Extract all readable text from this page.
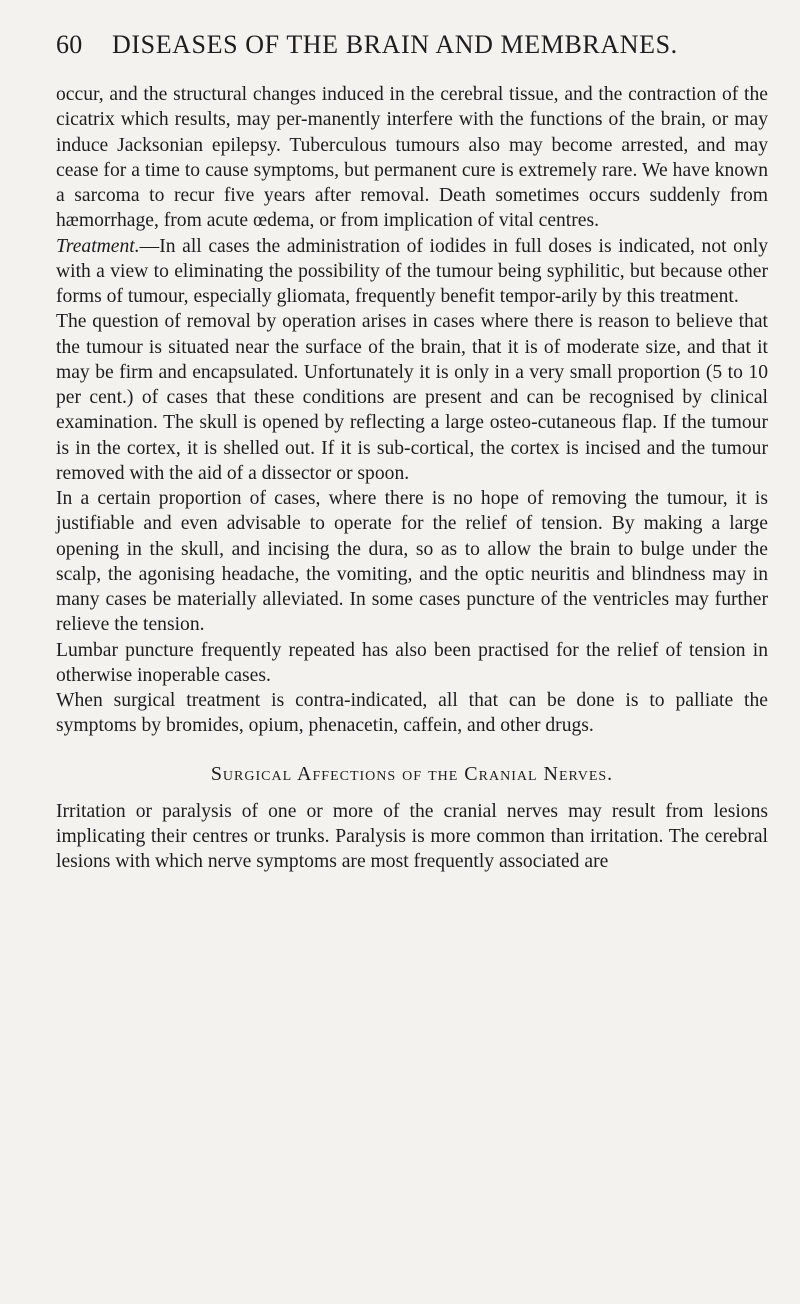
60	DISEASES OF THE BRAIN AND MEMBRANES.

occur, and the structural changes induced in the cerebral tissue, and the contraction of the cicatrix which results, may per-manently interfere with the functions of the brain, or may induce Jacksonian epilepsy. Tuberculous tumours also may become arrested, and may cease for a time to cause symptoms, but permanent cure is extremely rare. We have known a sarcoma to recur five years after removal. Death sometimes occurs suddenly from hæmorrhage, from acute œdema, or from implication of vital centres.

Treatment.—In all cases the administration of iodides in full doses is indicated, not only with a view to eliminating the possibility of the tumour being syphilitic, but because other forms of tumour, especially gliomata, frequently benefit tempor-arily by this treatment.

The question of removal by operation arises in cases where there is reason to believe that the tumour is situated near the surface of the brain, that it is of moderate size, and that it may be firm and encapsulated. Unfortunately it is only in a very small proportion (5 to 10 per cent.) of cases that these conditions are present and can be recognised by clinical examination. The skull is opened by reflecting a large osteo-cutaneous flap. If the tumour is in the cortex, it is shelled out. If it is sub-cortical, the cortex is incised and the tumour removed with the aid of a dissector or spoon.

In a certain proportion of cases, where there is no hope of removing the tumour, it is justifiable and even advisable to operate for the relief of tension. By making a large opening in the skull, and incising the dura, so as to allow the brain to bulge under the scalp, the agonising headache, the vomiting, and the optic neuritis and blindness may in many cases be materially alleviated. In some cases puncture of the ventricles may further relieve the tension.

Lumbar puncture frequently repeated has also been practised for the relief of tension in otherwise inoperable cases.

When surgical treatment is contra-indicated, all that can be done is to palliate the symptoms by bromides, opium, phenacetin, caffein, and other drugs.

Surgical Affections of the Cranial Nerves.

Irritation or paralysis of one or more of the cranial nerves may result from lesions implicating their centres or trunks. Paralysis is more common than irritation. The cerebral lesions with which nerve symptoms are most frequently associated are
